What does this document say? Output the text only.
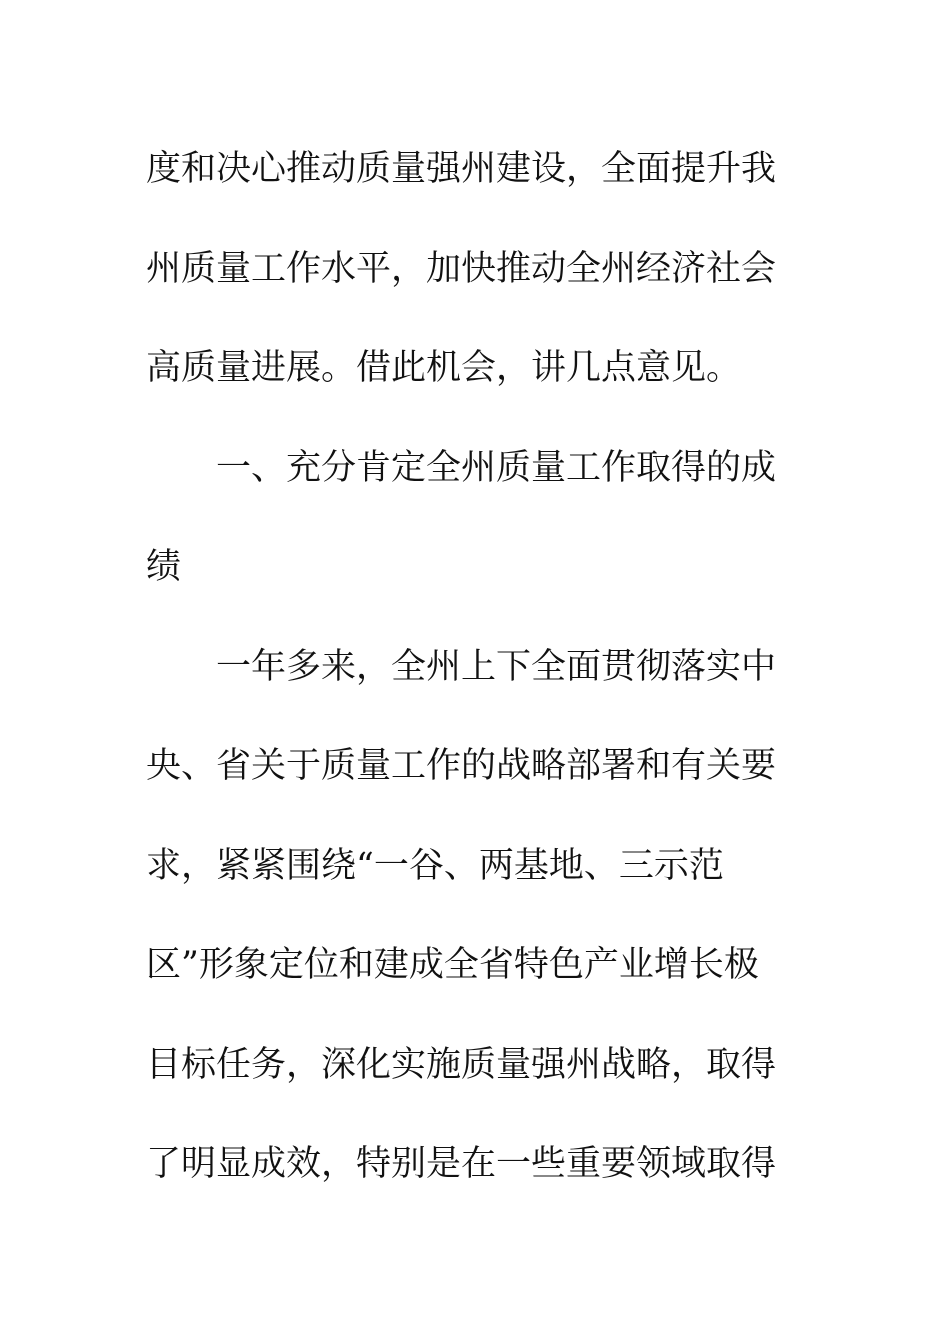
度和决心推动质量强州建设，全面提升我
州质量工作水平，加快推动全州经济社会
高质量进展。借此机会，讲几点意见。
一、充分肯定全州质量工作取得的成
绩
一年多来，全州上下全面贯彻落实中
央、省关于质量工作的战略部署和有关要
求，紧紧围绕“一谷、两基地、三示范
区”形象定位和建成全省特色产业增长极
目标任务，深化实施质量强州战略，取得
了明显成效，特别是在一些重要领域取得
